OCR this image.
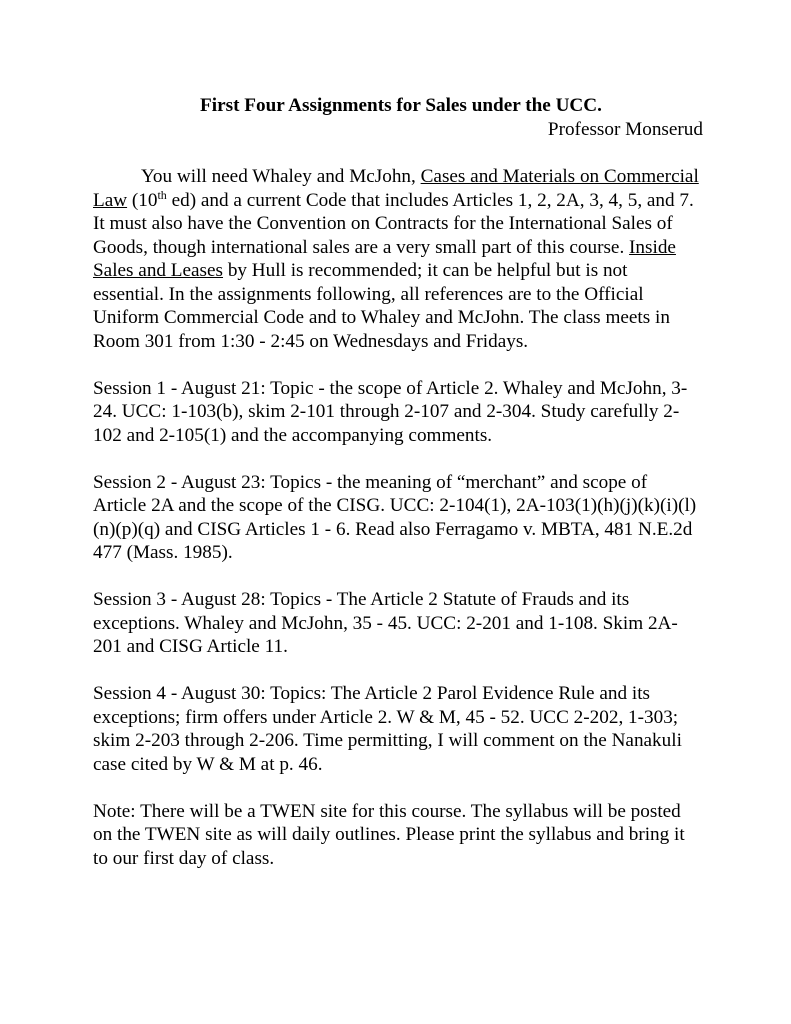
First Four Assignments for Sales under the UCC.

Professor Monserud

You will need Whaley and McJohn, Cases and Materials on Commercial Law (10th ed) and a current Code that includes Articles 1, 2, 2A, 3, 4, 5, and 7. It must also have the Convention on Contracts for the International Sales of Goods, though international sales are a very small part of this course. Inside Sales and Leases by Hull is recommended; it can be helpful but is not essential. In the assignments following, all references are to the Official Uniform Commercial Code and to Whaley and McJohn. The class meets in Room 301 from 1:30 - 2:45 on Wednesdays and Fridays.

Session 1 - August 21: Topic - the scope of Article 2. Whaley and McJohn, 3-24. UCC: 1-103(b), skim 2-101 through 2-107 and 2-304. Study carefully 2-102 and 2-105(1) and the accompanying comments.

Session 2 - August 23: Topics - the meaning of “merchant” and scope of Article 2A and the scope of the CISG. UCC: 2-104(1), 2A-103(1)(h)(j)(k)(i)(l)(n)(p)(q) and CISG Articles 1 - 6. Read also Ferragamo v. MBTA, 481 N.E.2d 477 (Mass. 1985).

Session 3 - August 28: Topics - The Article 2 Statute of Frauds and its exceptions. Whaley and McJohn, 35 - 45. UCC: 2-201 and 1-108. Skim 2A-201 and CISG Article 11.

Session 4 - August 30: Topics: The Article 2 Parol Evidence Rule and its exceptions; firm offers under Article 2. W & M, 45 - 52. UCC 2-202, 1-303; skim 2-203 through 2-206. Time permitting, I will comment on the Nanakuli case cited by W & M at p. 46.

Note: There will be a TWEN site for this course. The syllabus will be posted on the TWEN site as will daily outlines. Please print the syllabus and bring it to our first day of class.
